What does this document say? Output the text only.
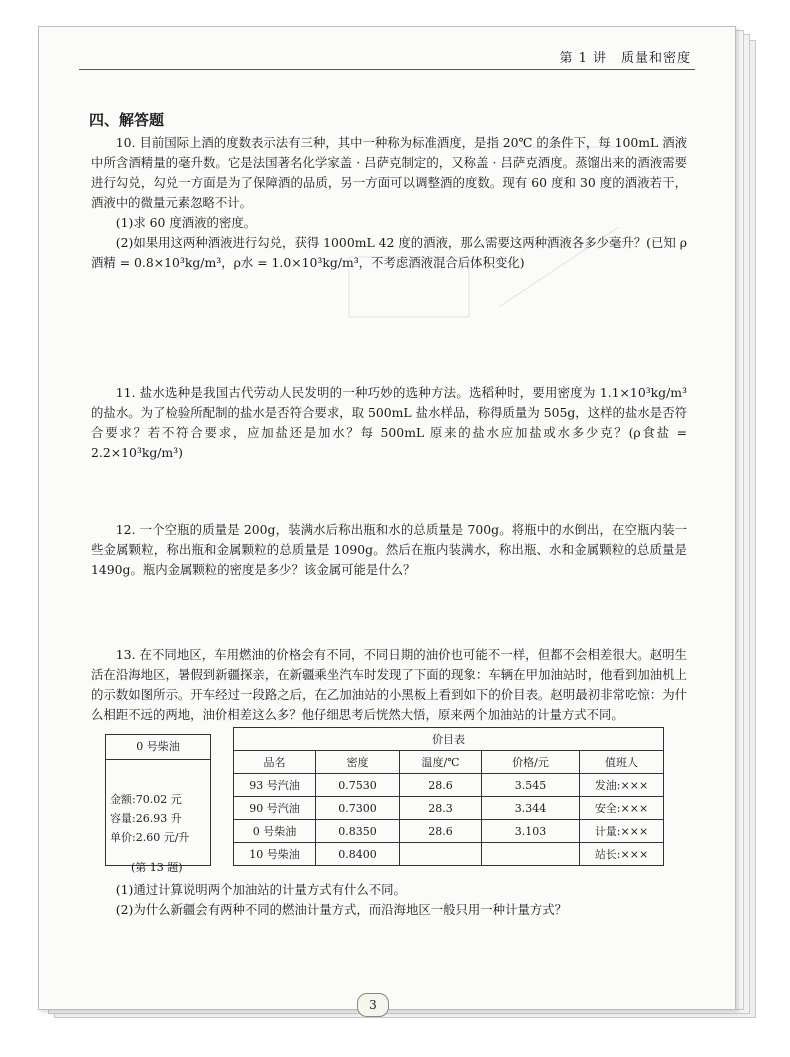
第 1 讲　质量和密度
四、解答题

10. 目前国际上酒的度数表示法有三种，其中一种称为标准酒度，是指 20℃ 的条件下，每 100mL 酒液中所含酒精量的毫升数。它是法国著名化学家盖 · 吕萨克制定的，又称盖 · 吕萨克酒度。蒸馏出来的酒液需要进行勾兑，勾兑一方面是为了保障酒的品质，另一方面可以调整酒的度数。现有 60 度和 30 度的酒液若干，酒液中的微量元素忽略不计。

(1)求 60 度酒液的密度。

(2)如果用这两种酒液进行勾兑，获得 1000mL 42 度的酒液，那么需要这两种酒液各多少毫升？(已知 ρ酒精 = 0.8×10³kg/m³，ρ水 = 1.0×10³kg/m³，不考虑酒液混合后体积变化)

11. 盐水选种是我国古代劳动人民发明的一种巧妙的选种方法。选稻种时，要用密度为 1.1×10³kg/m³ 的盐水。为了检验所配制的盐水是否符合要求，取 500mL 盐水样品，称得质量为 505g，这样的盐水是否符合要求？若不符合要求，应加盐还是加水？每 500mL 原来的盐水应加盐或水多少克？(ρ食盐 = 2.2×10³kg/m³)

12. 一个空瓶的质量是 200g，装满水后称出瓶和水的总质量是 700g。将瓶中的水倒出，在空瓶内装一些金属颗粒，称出瓶和金属颗粒的总质量是 1090g。然后在瓶内装满水，称出瓶、水和金属颗粒的总质量是 1490g。瓶内金属颗粒的密度是多少？该金属可能是什么？

13. 在不同地区，车用燃油的价格会有不同，不同日期的油价也可能不一样，但都不会相差很大。赵明生活在沿海地区，暑假到新疆探亲，在新疆乘坐汽车时发现了下面的现象：车辆在甲加油站时，他看到加油机上的示数如图所示。开车经过一段路之后，在乙加油站的小黑板上看到如下的价目表。赵明最初非常吃惊：为什么相距不远的两地，油价相差这么多？他仔细思考后恍然大悟，原来两个加油站的计量方式不同。

0 号柴油
金额:70.02 元
容量:26.93 升
单价:2.60 元/升
(第 13 题)
价目表				
品名	密度	温度/℃	价格/元	值班人
93 号汽油	0.7530	28.6	3.545	发油:×××
90 号汽油	0.7300	28.3	3.344	安全:×××
0 号柴油	0.8350	28.6	3.103	计量:×××
10 号柴油	0.8400			站长:×××

(1)通过计算说明两个加油站的计量方式有什么不同。

(2)为什么新疆会有两种不同的燃油计量方式，而沿海地区一般只用一种计量方式？

3
